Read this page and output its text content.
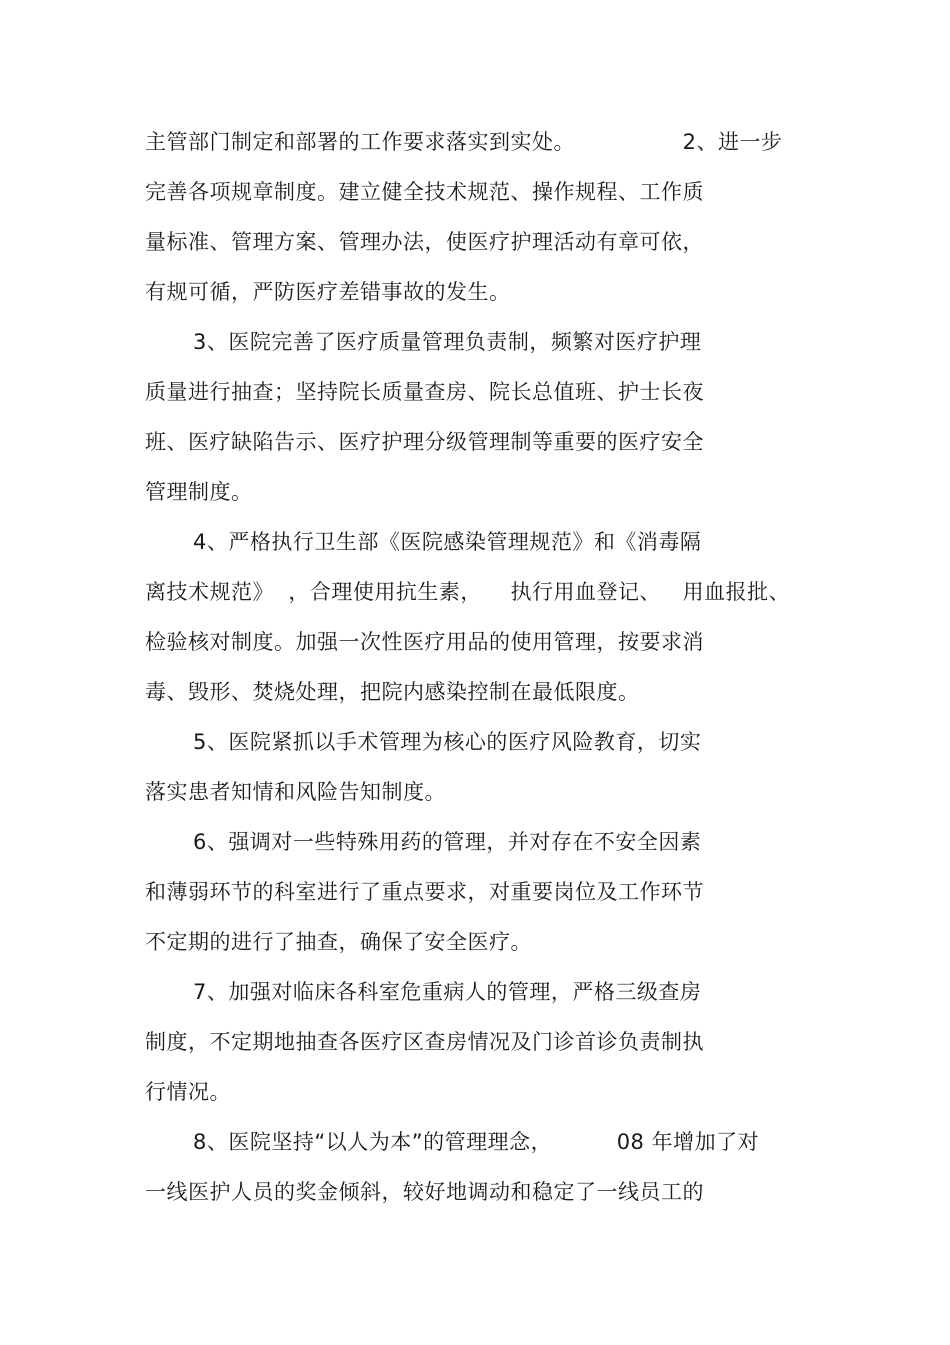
主管部门制定和部署的工作要求落实到实处。               2、进一步
完善各项规章制度。建立健全技术规范、操作规程、工作质
量标准、管理方案、管理办法，使医疗护理活动有章可依，
有规可循，严防医疗差错事故的发生。
3、医院完善了医疗质量管理负责制，频繁对医疗护理
质量进行抽查；坚持院长质量查房、院长总值班、护士长夜
班、医疗缺陷告示、医疗护理分级管理制等重要的医疗安全
管理制度。
4、严格执行卫生部《医院感染管理规范》和《消毒隔
离技术规范》  ，合理使用抗生素，    执行用血登记、   用血报批、
检验核对制度。加强一次性医疗用品的使用管理，按要求消
毒、毁形、焚烧处理，把院内感染控制在最低限度。
5、医院紧抓以手术管理为核心的医疗风险教育，切实
落实患者知情和风险告知制度。
6、强调对一些特殊用药的管理，并对存在不安全因素
和薄弱环节的科室进行了重点要求，对重要岗位及工作环节
不定期的进行了抽查，确保了安全医疗。
7、加强对临床各科室危重病人的管理，严格三级查房
制度，不定期地抽查各医疗区查房情况及门诊首诊负责制执
行情况。
8、医院坚持“以人为本”的管理理念，         08 年增加了对
一线医护人员的奖金倾斜，较好地调动和稳定了一线员工的
